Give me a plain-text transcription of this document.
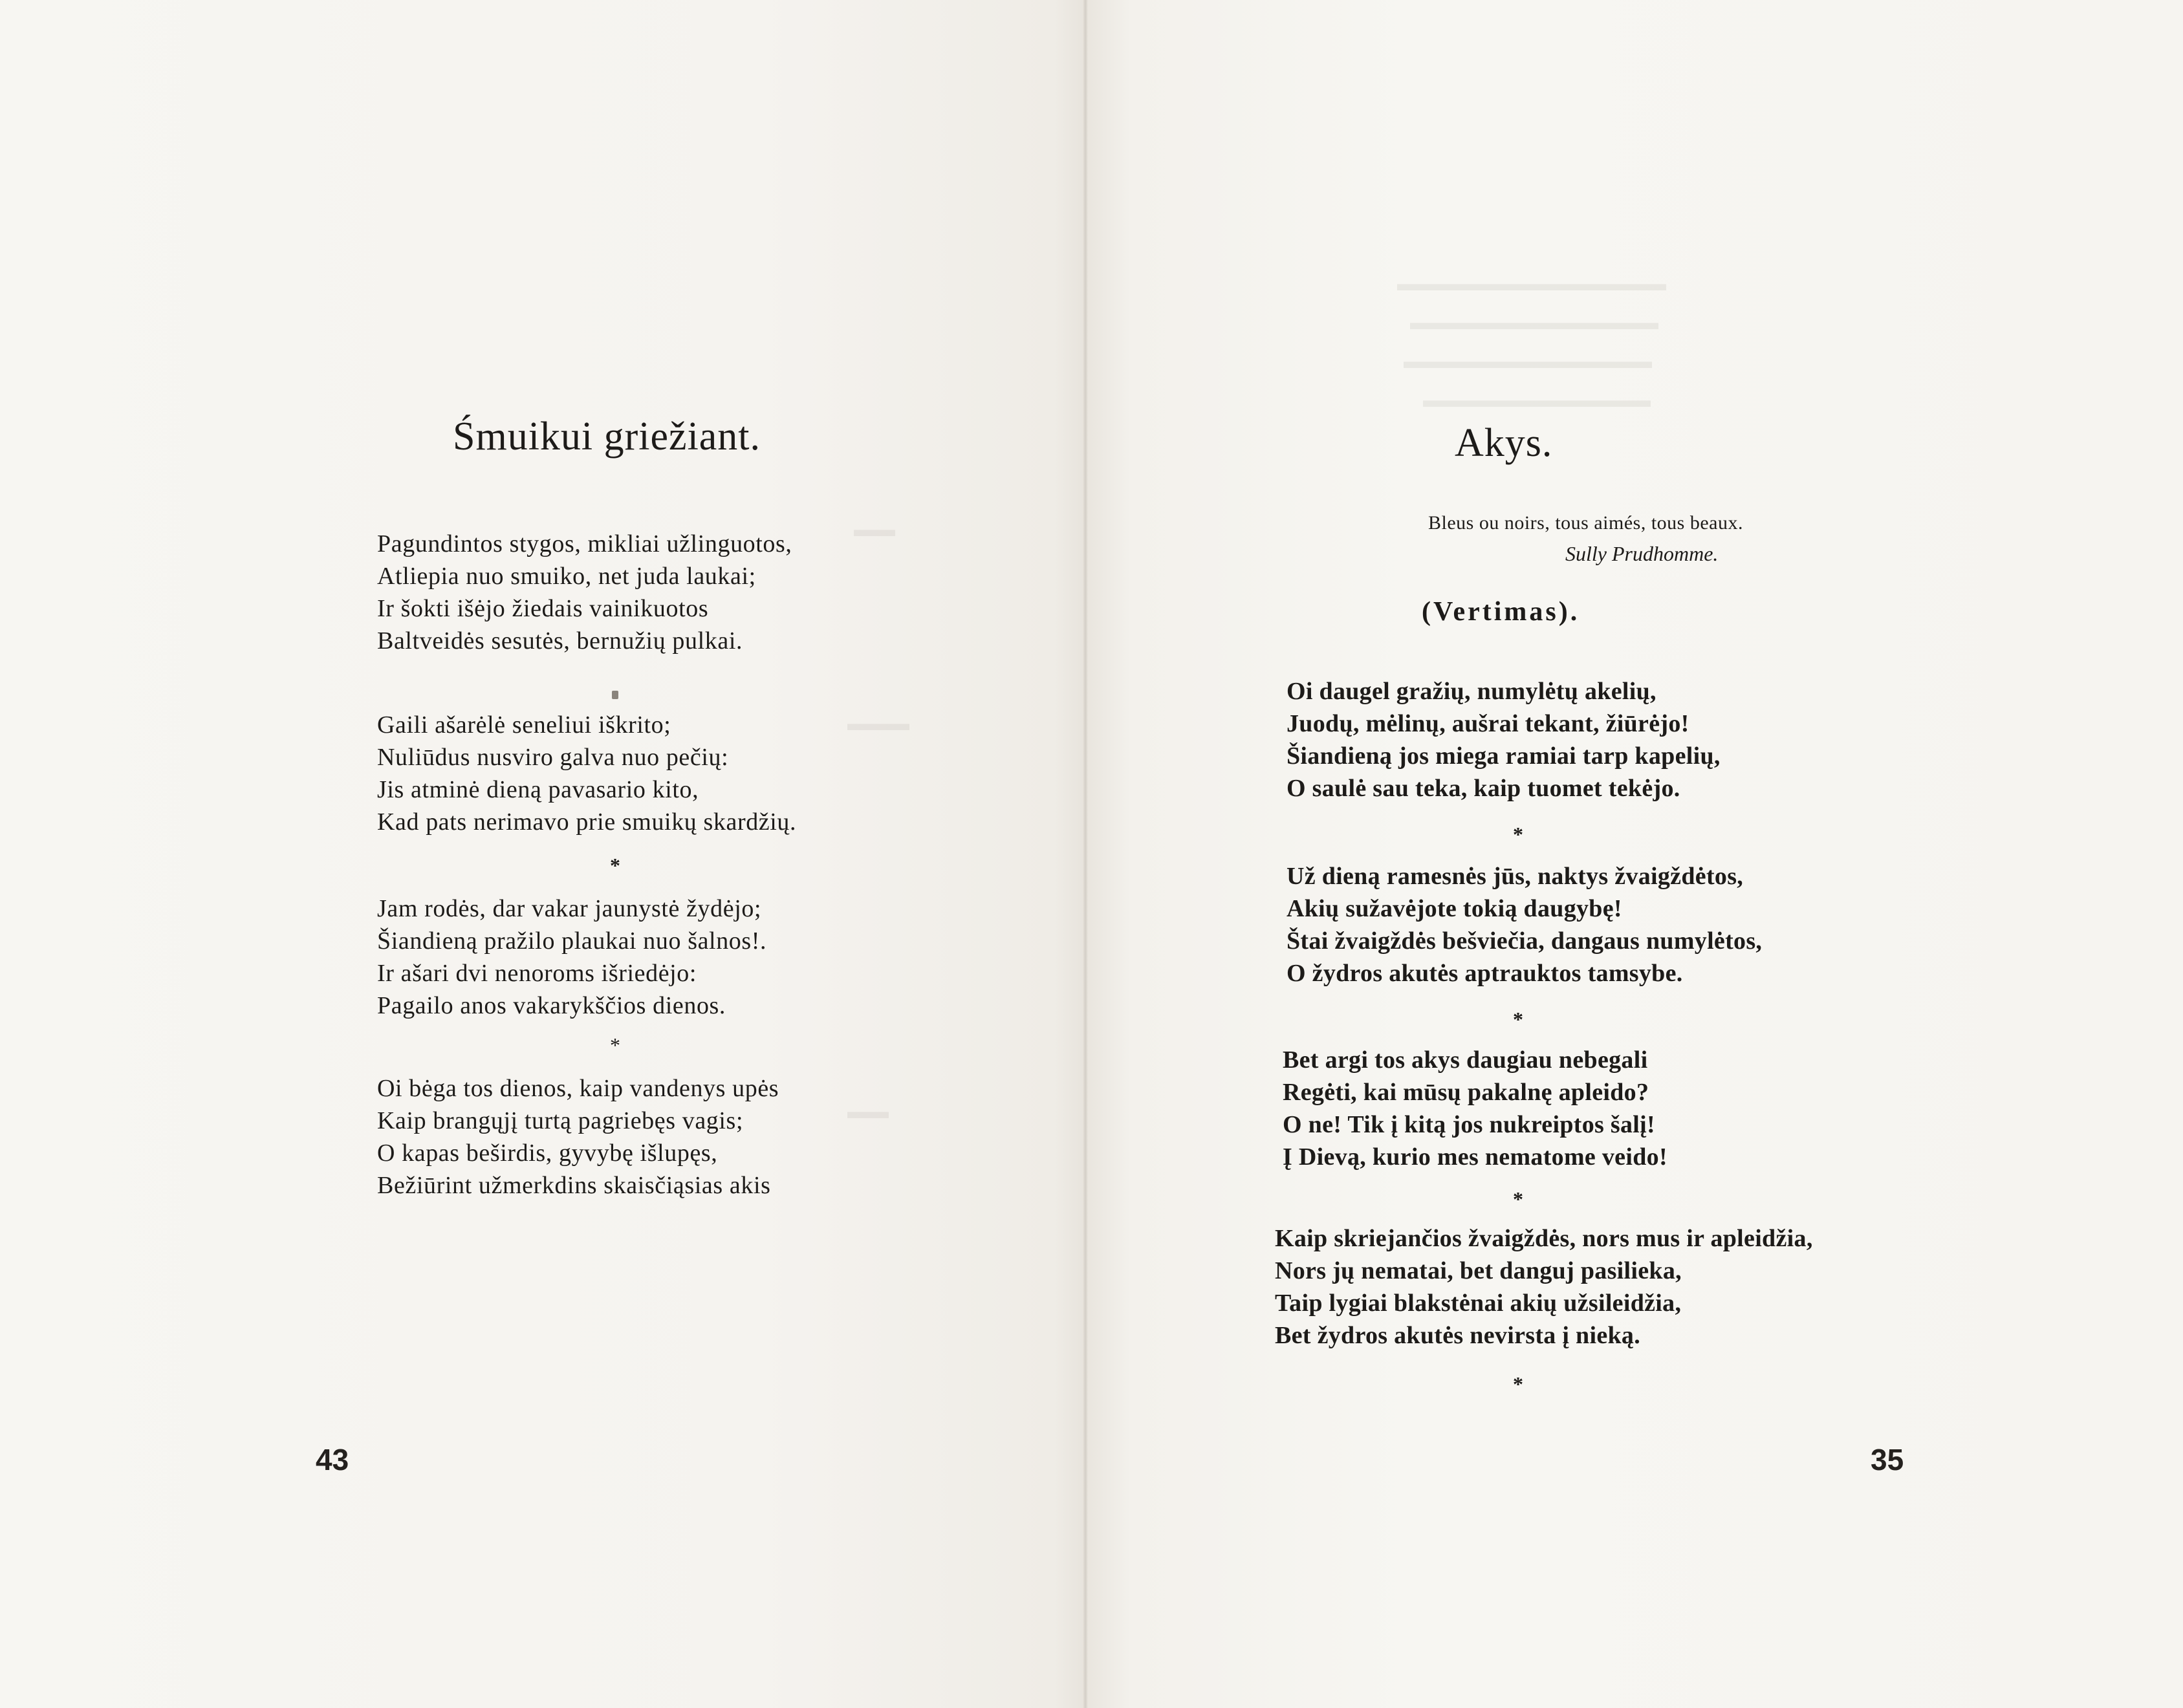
▬▬
▬▬▬
▬▬
Śmuikui griežiant.
Pagundintos stygos, mikliai užlinguotos,
Atliepia nuo smuiko, net juda laukai;
Ir šokti išėjo žiedais vainikuotos
Baltveidės sesutės, bernužių pulkai.
Gaili ašarėlė seneliui iškrito;
Nuliūdus nusviro galva nuo pečių:
Jis atminė dieną pavasario kito,
Kad pats nerimavo prie smuikų skardžių.
*
Jam rodės, dar vakar jaunystė žydėjo;
Šiandieną pražilo plaukai nuo šalnos!.
Ir ašari dvi nenoroms išriedėjo:
Pagailo anos vakarykščios dienos.
*
Oi bėga tos dienos, kaip vandenys upės
Kaip brangųjį turtą pagriebęs vagis;
O kapas beširdis, gyvybę išlupęs,
Bežiūrint užmerkdins skaisčiąsias akis
43
▬▬▬▬▬▬▬▬▬▬▬▬▬
▬▬▬▬▬▬▬▬▬▬▬▬
▬▬▬▬▬▬▬▬▬▬▬▬
▬▬▬▬▬▬▬▬▬▬▬
Akys.
Bleus ou noirs, tous aimés, tous beaux.
Sully Prudhomme.
(Vertimas).
Oi daugel gražių, numylėtų akelių,
Juodų, mėlinų, aušrai tekant, žiūrėjo!
Šiandieną jos miega ramiai tarp kapelių,
O saulė sau teka, kaip tuomet tekėjo.
*
Už dieną ramesnės jūs, naktys žvaigždėtos,
Akių sužavėjote tokią daugybę!
Štai žvaigždės bešviečia, dangaus numylėtos,
O žydros akutės aptrauktos tamsybe.
*
Bet argi tos akys daugiau nebegali
Regėti, kai mūsų pakalnę apleido?
O ne! Tik į kitą jos nukreiptos šalį!
Į Dievą, kurio mes nematome veido!
*
Kaip skriejančios žvaigždės, nors mus ir apleidžia,
Nors jų nematai, bet danguj pasilieka,
Taip lygiai blakstėnai akių užsileidžia,
Bet žydros akutės nevirsta į nieką.
*
35
